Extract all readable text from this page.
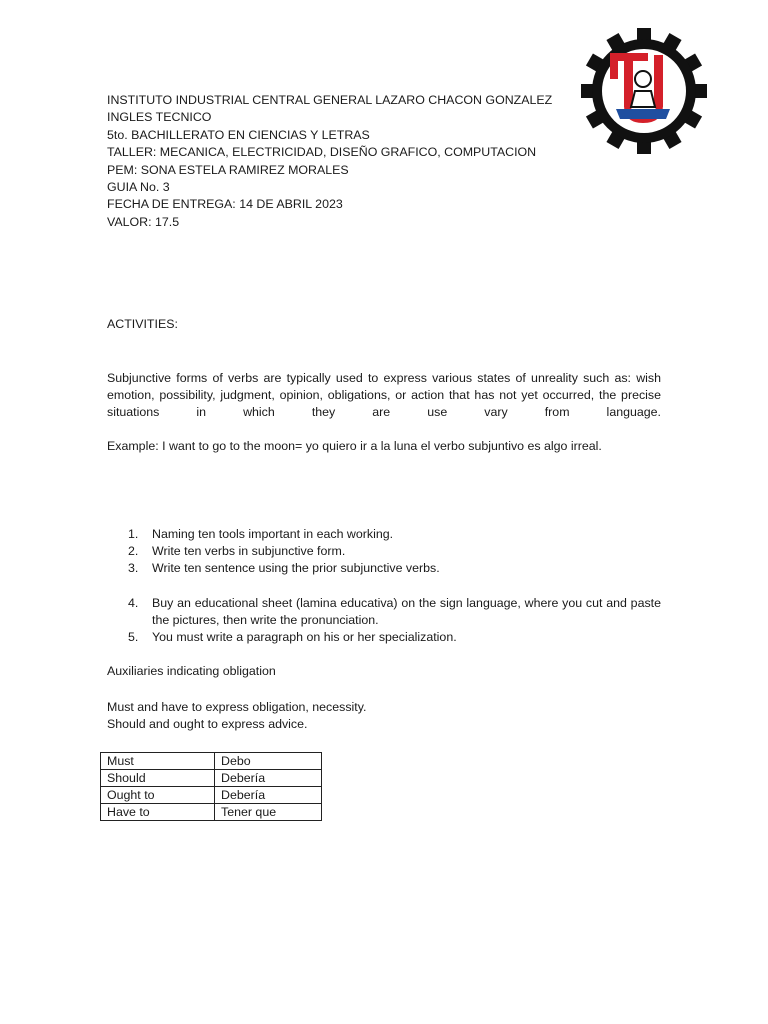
INSTITUTO INDUSTRIAL CENTRAL GENERAL LAZARO CHACON GONZALEZ
INGLES TECNICO
5to. BACHILLERATO EN CIENCIAS Y LETRAS
TALLER: MECANICA, ELECTRICIDAD, DISEÑO GRAFICO, COMPUTACION
PEM: SONA ESTELA RAMIREZ MORALES
GUIA No. 3
FECHA DE ENTREGA: 14 DE ABRIL 2023
VALOR: 17.5
ACTIVITIES:
Subjunctive forms of verbs are typically used to express various states of unreality such as: wish emotion, possibility, judgment, opinion, obligations, or action that has not yet occurred, the precise situations in which they are use vary from language.
Example: I want to go to the moon= yo quiero ir a la luna el verbo subjuntivo es algo irreal.
1. Naming ten tools important in each working.
2. Write ten verbs in subjunctive form.
3. Write ten sentence using the prior subjunctive verbs.
4. Buy an educational sheet (lamina educativa) on the sign language, where you cut and paste the pictures, then write the pronunciation.
5. You must write a paragraph on his or her specialization.
Auxiliaries indicating obligation
Must and have to express obligation, necessity.
Should and ought to express advice.
Must	Debo
Should	Debería
Ought to	Debería
Have to	Tener que
